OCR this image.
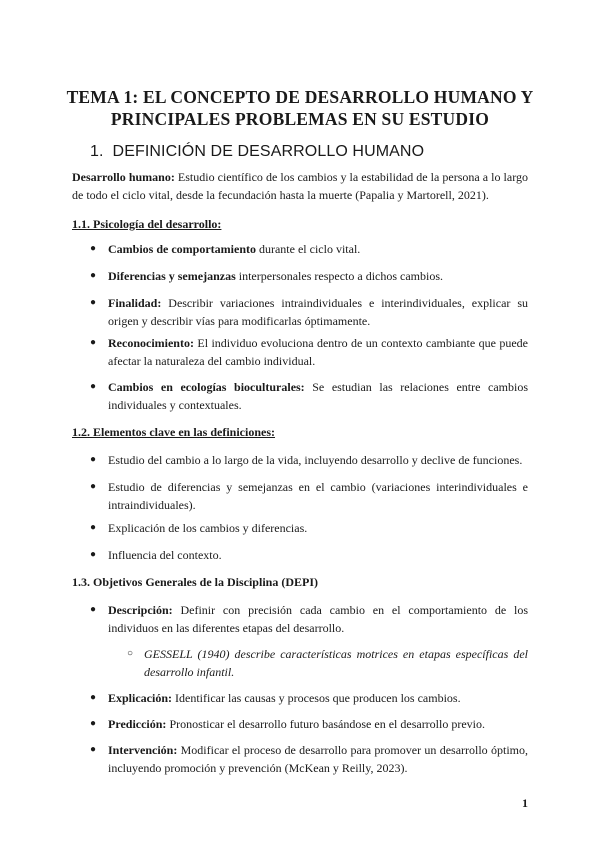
TEMA 1: EL CONCEPTO DE DESARROLLO HUMANO Y
PRINCIPALES PROBLEMAS EN SU ESTUDIO
1. DEFINICIÓN DE DESARROLLO HUMANO

Desarrollo humano: Estudio científico de los cambios y la estabilidad de la persona a lo largo de todo el ciclo vital, desde la fecundación hasta la muerte (Papalia y Martorell, 2021).

1.1. Psicología del desarrollo:

● Cambios de comportamiento durante el ciclo vital.

● Diferencias y semejanzas interpersonales respecto a dichos cambios.

● Finalidad: Describir variaciones intraindividuales e interindividuales, explicar su origen y describir vías para modificarlas óptimamente.

● Reconocimiento: El individuo evoluciona dentro de un contexto cambiante que puede afectar la naturaleza del cambio individual.

● Cambios en ecologías bioculturales: Se estudian las relaciones entre cambios individuales y contextuales.

1.2. Elementos clave en las definiciones:

● Estudio del cambio a lo largo de la vida, incluyendo desarrollo y declive de funciones.

● Estudio de diferencias y semejanzas en el cambio (variaciones interindividuales e intraindividuales).

● Explicación de los cambios y diferencias.

● Influencia del contexto.

1.3. Objetivos Generales de la Disciplina (DEPI)

● Descripción: Definir con precisión cada cambio en el comportamiento de los individuos en las diferentes etapas del desarrollo.

○ GESSELL (1940) describe características motrices en etapas específicas del desarrollo infantil.

● Explicación: Identificar las causas y procesos que producen los cambios.

● Predicción: Pronosticar el desarrollo futuro basándose en el desarrollo previo.

● Intervención: Modificar el proceso de desarrollo para promover un desarrollo óptimo, incluyendo promoción y prevención (McKean y Reilly, 2023).

1
